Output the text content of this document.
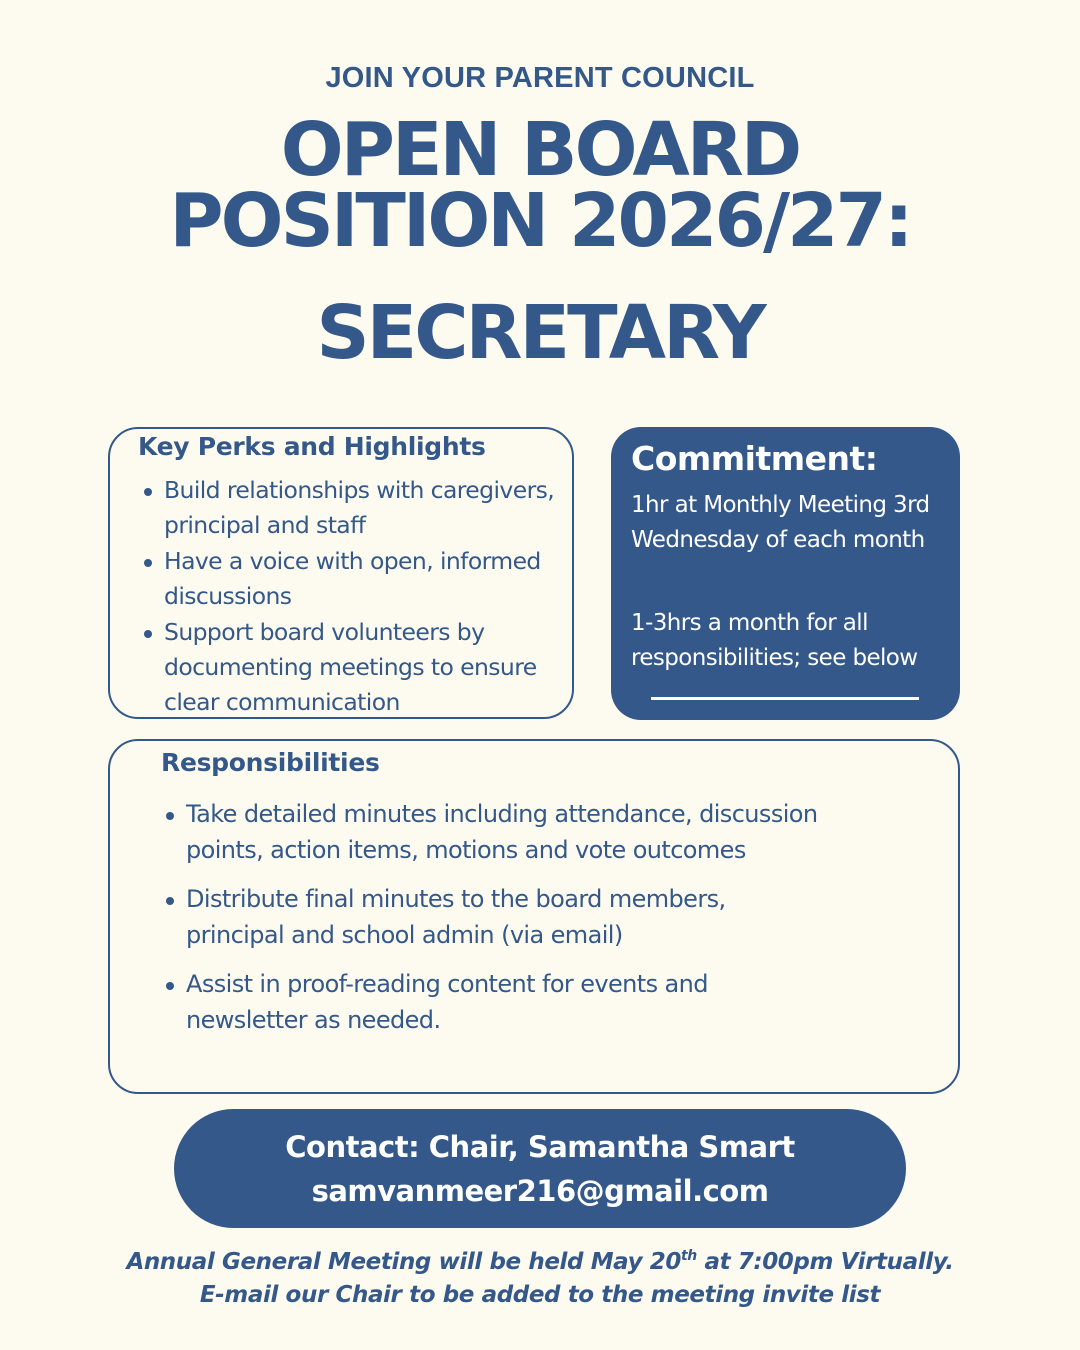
JOIN YOUR PARENT COUNCIL
OPEN BOARD
POSITION 2026/27:
SECRETARY
Key Perks and Highlights
Build relationships with caregivers, principal and staff
Have a voice with open, informed discussions
Support board volunteers by documenting meetings to ensure clear communication
Commitment:
1hr at Monthly Meeting 3rd Wednesday of each month
1-3hrs a month for all responsibilities; see below
Responsibilities
Take detailed minutes including attendance, discussion points, action items, motions and vote outcomes
Distribute final minutes to the board members, principal and school admin (via email)
Assist in proof-reading content for events and newsletter as needed.
Contact: Chair, Samantha Smart
samvanmeer216@gmail.com
Annual General Meeting will be held May 20th at 7:00pm Virtually.
E-mail our Chair to be added to the meeting invite list
